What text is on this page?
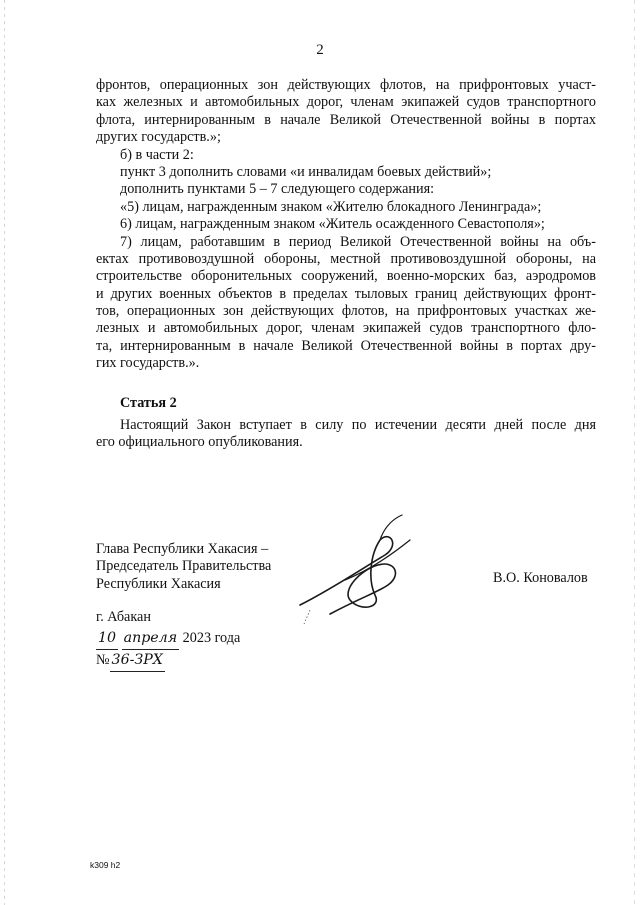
2
фронтов, операционных зон действующих флотов, на прифронтовых участ-
ках железных и автомобильных дорог, членам экипажей судов транспортного
флота, интернированным в начале Великой Отечественной войны в портах
других государств.»;
б) в части 2:
пункт 3 дополнить словами «и инвалидам боевых действий»;
дополнить пунктами 5 – 7 следующего содержания:
«5) лицам, награжденным знаком «Жителю блокадного Ленинграда»;
6) лицам, награжденным знаком «Житель осажденного Севастополя»;
7) лицам, работавшим в период Великой Отечественной войны на объ-
ектах противовоздушной обороны, местной противовоздушной обороны, на
строительстве оборонительных сооружений, военно-морских баз, аэродромов
и других военных объектов в пределах тыловых границ действующих фронт-
тов, операционных зон действующих флотов, на прифронтовых участках же-
лезных и автомобильных дорог, членам экипажей судов транспортного фло-
та, интернированным в начале Великой Отечественной войны в портах дру-
гих государств.».
Статья 2
Настоящий Закон вступает в силу по истечении десяти дней после дня
его официального опубликования.
Глава Республики Хакасия –
Председатель Правительства
Республики Хакасия	В.О. Коновалов
г. Абакан
10 апреля 2023 года
№ 36-ЗРХ
k309 h2
